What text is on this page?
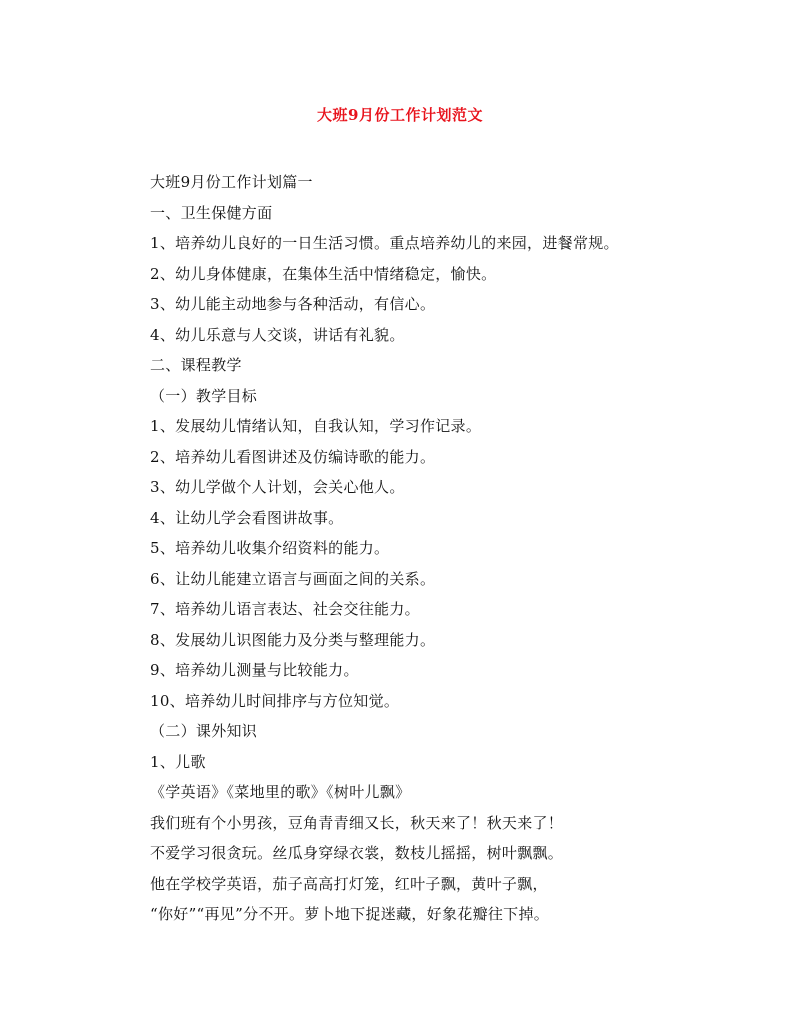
大班9月份工作计划范文
大班9月份工作计划篇一
一、卫生保健方面
1、培养幼儿良好的一日生活习惯。重点培养幼儿的来园，进餐常规。
2、幼儿身体健康，在集体生活中情绪稳定，愉快。
3、幼儿能主动地参与各种活动，有信心。
4、幼儿乐意与人交谈，讲话有礼貌。
二、课程教学
（一）教学目标
1、发展幼儿情绪认知，自我认知，学习作记录。
2、培养幼儿看图讲述及仿编诗歌的能力。
3、幼儿学做个人计划，会关心他人。
4、让幼儿学会看图讲故事。
5、培养幼儿收集介绍资料的能力。
6、让幼儿能建立语言与画面之间的关系。
7、培养幼儿语言表达、社会交往能力。
8、发展幼儿识图能力及分类与整理能力。
9、培养幼儿测量与比较能力。
10、培养幼儿时间排序与方位知觉。
（二）课外知识
1、儿歌
《学英语》《菜地里的歌》《树叶儿飘》
我们班有个小男孩，豆角青青细又长，秋天来了！秋天来了！
不爱学习很贪玩。丝瓜身穿绿衣裳，数枝儿摇摇，树叶飘飘。
他在学校学英语，茄子高高打灯笼，红叶子飘，黄叶子飘，
“你好”“再见”分不开。萝卜地下捉迷藏，好象花瓣往下掉。
